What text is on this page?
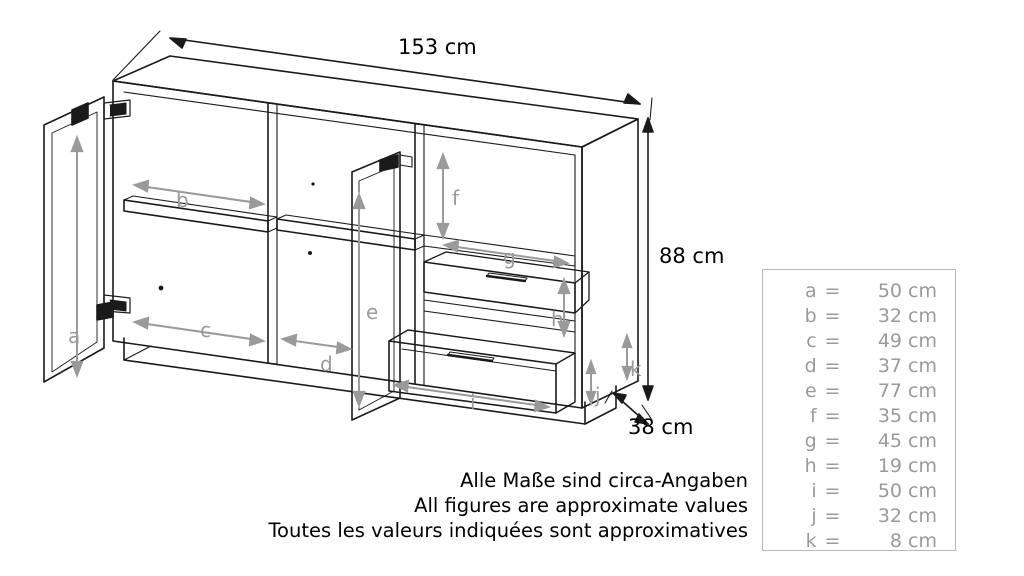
153 cm
88 cm
38 cm
a
b
c
d
e
f
g
h
i	j
k
Alle Maße sind circa-Angaben
All figures are approximate values
Toutes les valeurs indiquées sont approximatives
a =	50 cm
b =	32 cm
c =	49 cm
d =	37 cm
e =	77 cm
f =	35 cm
g =	45 cm
h =	19 cm
i =	50 cm
j =	32 cm
k =	8 cm
